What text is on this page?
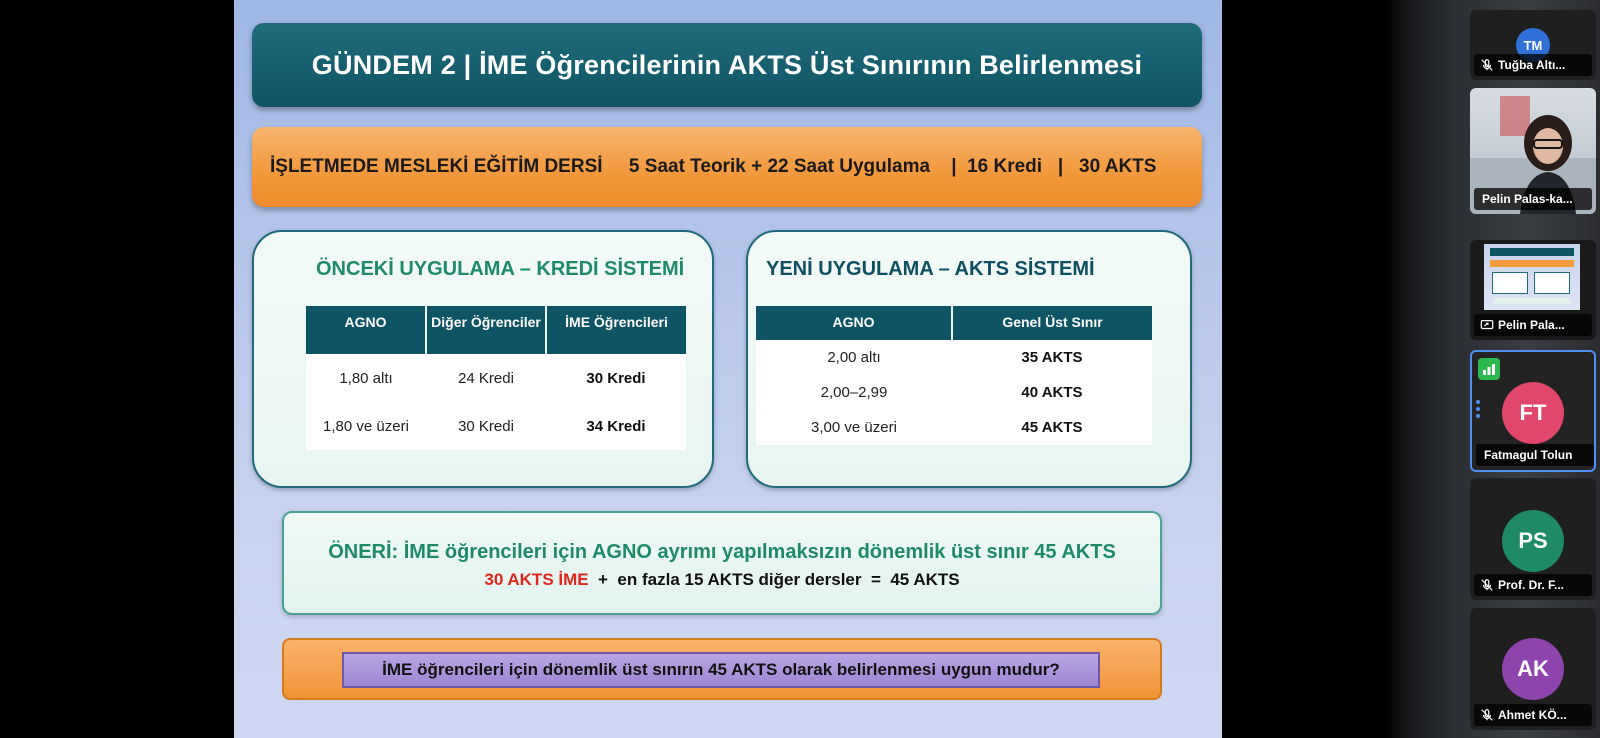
GÜNDEM 2 | İME Öğrencilerinin AKTS Üst Sınırının Belirlenmesi
İŞLETMEDE MESLEKİ EĞİTİM DERSİ     5 Saat Teorik + 22 Saat Uygulama    |  16 Kredi   |   30 AKTS
ÖNCEKİ UYGULAMA – KREDİ SİSTEMİ
AGNO	Diğer Öğrenciler	İME Öğrencileri
1,80 altı	24 Kredi	30 Kredi
1,80 ve üzeri	30 Kredi	34 Kredi
YENİ UYGULAMA – AKTS SİSTEMİ
AGNO	Genel Üst Sınır
2,00 altı	35 AKTS
2,00–2,99	40 AKTS
3,00 ve üzeri	45 AKTS
ÖNERİ: İME öğrencileri için AGNO ayrımı yapılmaksızın dönemlik üst sınır 45 AKTS
30 AKTS İME  +  en fazla 15 AKTS diğer dersler  =  45 AKTS
İME öğrencileri için dönemlik üst sınırın 45 AKTS olarak belirlenmesi uygun mudur?
TM
Tuğba Altı...
Pelin Palas-ka...
Pelin Pala...
FT
Fatmagul Tolun
PS
Prof. Dr. F...
AK
Ahmet KÖ...
